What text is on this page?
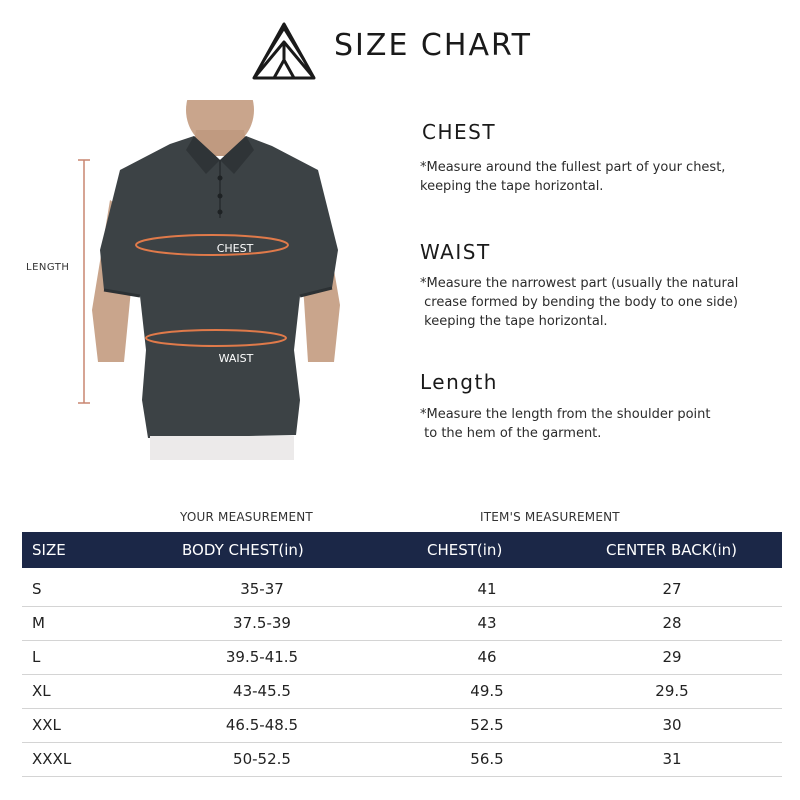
SIZE CHART
CHEST
WAIST
LENGTH
CHEST
*Measure around the fullest part of your chest,
keeping the tape horizontal.
WAIST
*Measure the narrowest part (usually the natural
crease formed by bending the body to one side)
keeping the tape horizontal.
Length
*Measure the length from the shoulder point
to the hem of the garment.
YOUR MEASUREMENT	ITEM'S MEASUREMENT
SIZE	BODY CHEST(in)	CHEST(in)	CENTER BACK(in)
S	35-37	41	27
M	37.5-39	43	28
L	39.5-41.5	46	29
XL	43-45.5	49.5	29.5
XXL	46.5-48.5	52.5	30
XXXL	50-52.5	56.5	31
